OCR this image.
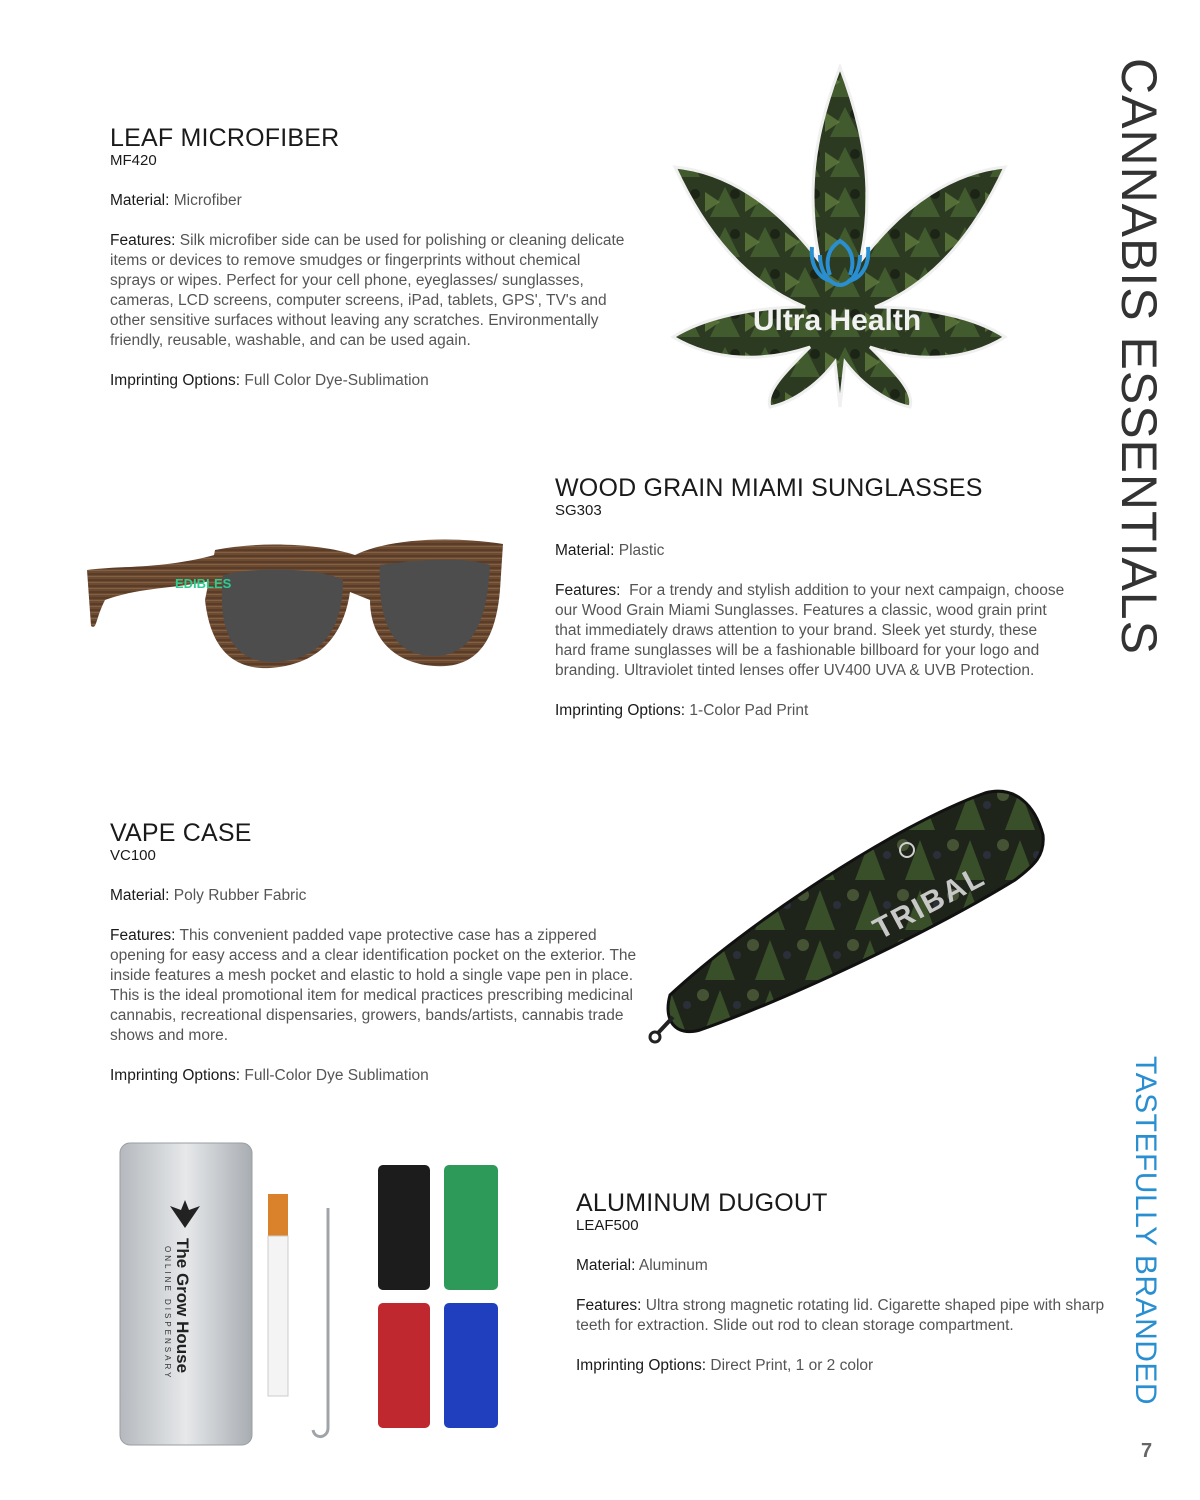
CANNABIS ESSENTIALS
TASTEFULLY BRANDED
7
LEAF MICROFIBER
MF420
Material: Microfiber
Features: Silk microfiber side can be used for polishing or cleaning delicate items or devices to remove smudges or fingerprints without chemical sprays or wipes. Perfect for your cell phone, eyeglasses/ sunglasses, cameras, LCD screens, computer screens, iPad, tablets, GPS', TV's and other sensitive surfaces without leaving any scratches. Environmentally friendly, reusable, washable, and can be used again.
Imprinting Options: Full Color Dye-Sublimation
Ultra Health
EDIBLES
WOOD GRAIN MIAMI SUNGLASSES
SG303
Material: Plastic
Features: For a trendy and stylish addition to your next campaign, choose our Wood Grain Miami Sunglasses. Features a classic, wood grain print that immediately draws attention to your brand. Sleek yet sturdy, these hard frame sunglasses will be a fashionable billboard for your logo and branding. Ultraviolet tinted lenses offer UV400 UVA & UVB Protection.
Imprinting Options: 1-Color Pad Print
VAPE CASE
VC100
Material: Poly Rubber Fabric
Features: This convenient padded vape protective case has a zippered opening for easy access and a clear identification pocket on the exterior. The inside features a mesh pocket and elastic to hold a single vape pen in place. This is the ideal promotional item for medical practices prescribing medicinal cannabis, recreational dispensaries, growers, bands/artists, cannabis trade shows and more.
Imprinting Options: Full-Color Dye Sublimation
TRIBAL
The Grow House
ONLINE DISPENSARY
ALUMINUM DUGOUT
LEAF500
Material: Aluminum
Features: Ultra strong magnetic rotating lid. Cigarette shaped pipe with sharp teeth for extraction. Slide out rod to clean storage compartment.
Imprinting Options: Direct Print, 1 or 2 color
